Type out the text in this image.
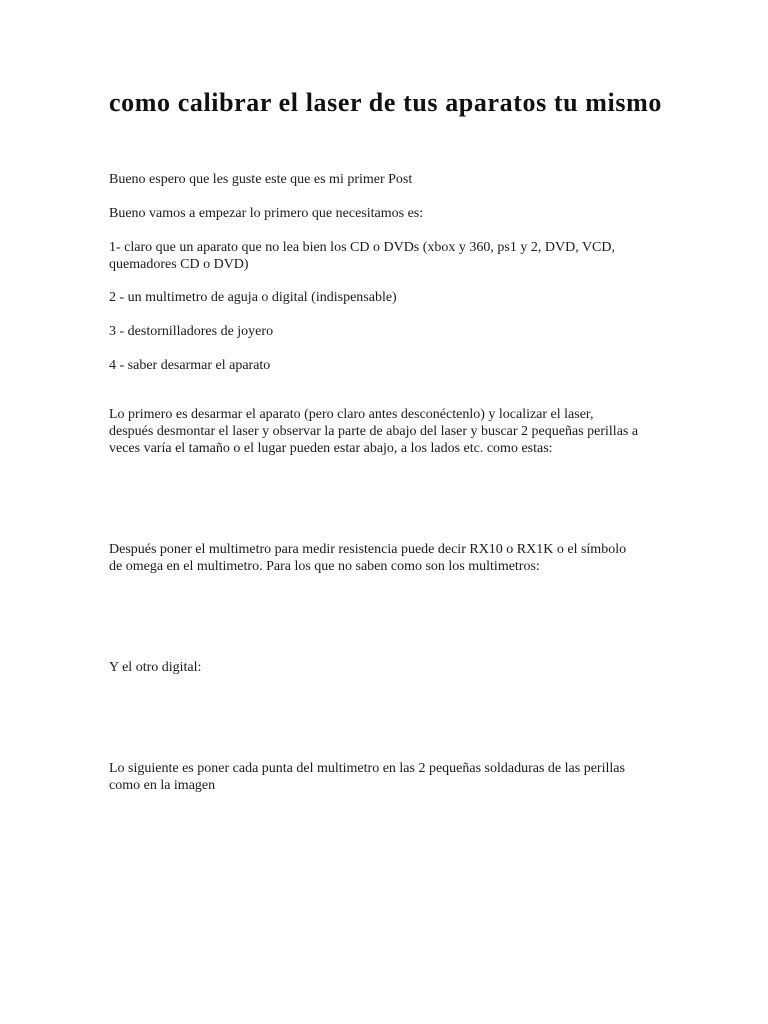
como calibrar el laser de tus aparatos tu mismo

Bueno espero que les guste este que es mi primer Post

Bueno vamos a empezar lo primero que necesitamos es:

1- claro que un aparato que no lea bien los CD o DVDs (xbox y 360, ps1 y 2, DVD, VCD, quemadores CD o DVD)

2 - un multimetro de aguja o digital (indispensable)

3 - destornilladores de joyero

4 - saber desarmar el aparato

Lo primero es desarmar el aparato (pero claro antes desconéctenlo) y localizar el laser, después desmontar el laser y observar la parte de abajo del laser y buscar 2 pequeñas perillas a veces varía el tamaño o el lugar pueden estar abajo, a los lados etc. como estas:

Después poner el multimetro para medir resistencia puede decir RX10 o RX1K o el símbolo de omega en el multimetro. Para los que no saben como son los multimetros:

Y el otro digital:

Lo siguiente es poner cada punta del multimetro en las 2 pequeñas soldaduras de las perillas como en la imagen
